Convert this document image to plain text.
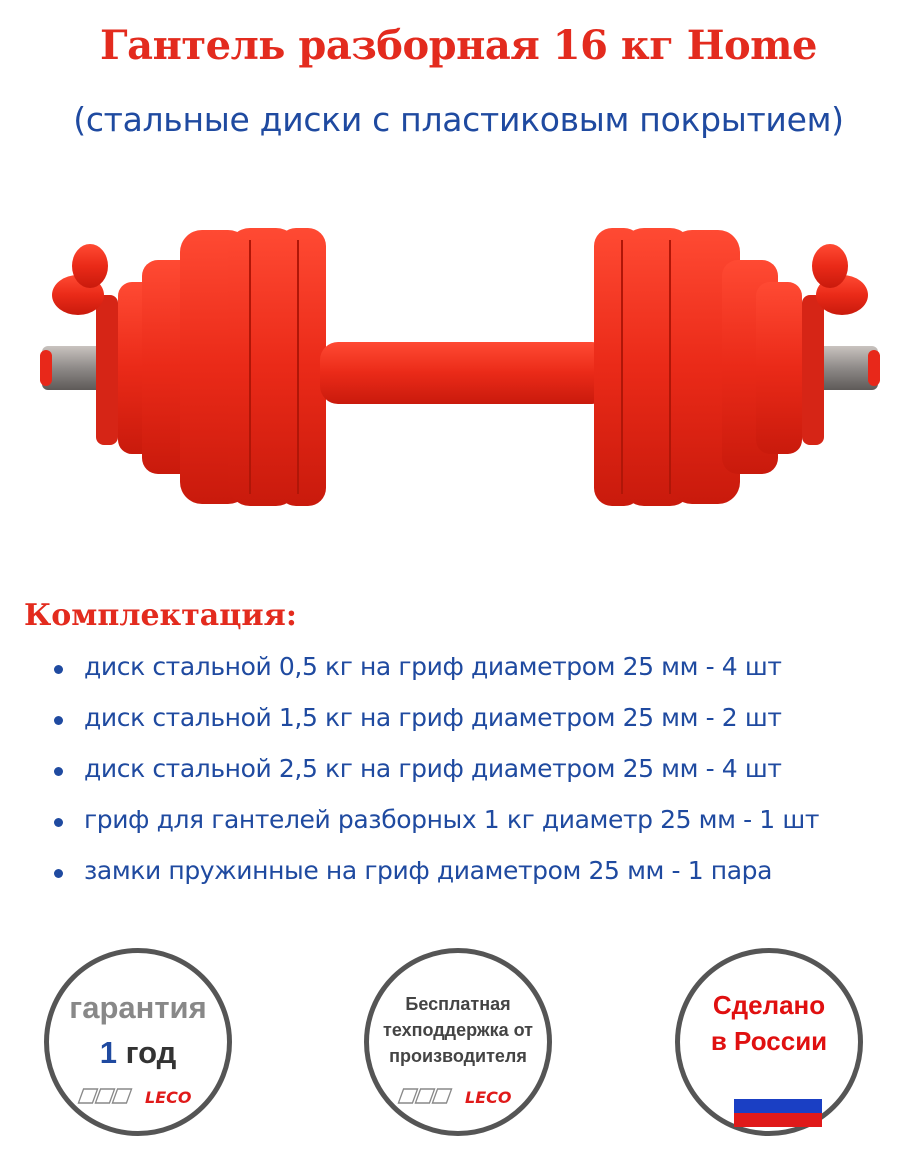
Гантель разборная 16 кг Home
(стальные диски с пластиковым покрытием)
Комплектация:
диск стальной 0,5 кг на гриф диаметром 25 мм - 4 шт
диск стальной 1,5 кг на гриф диаметром 25 мм - 2 шт
диск стальной 2,5 кг на гриф диаметром 25 мм - 4 шт
гриф для гантелей разборных 1 кг диаметр 25 мм - 1 шт
замки пружинные на гриф диаметром 25 мм - 1 пара
гарантия
1 год
LECO
Бесплатная
техподдержка от
производителя
LECO
Сделано
в России
